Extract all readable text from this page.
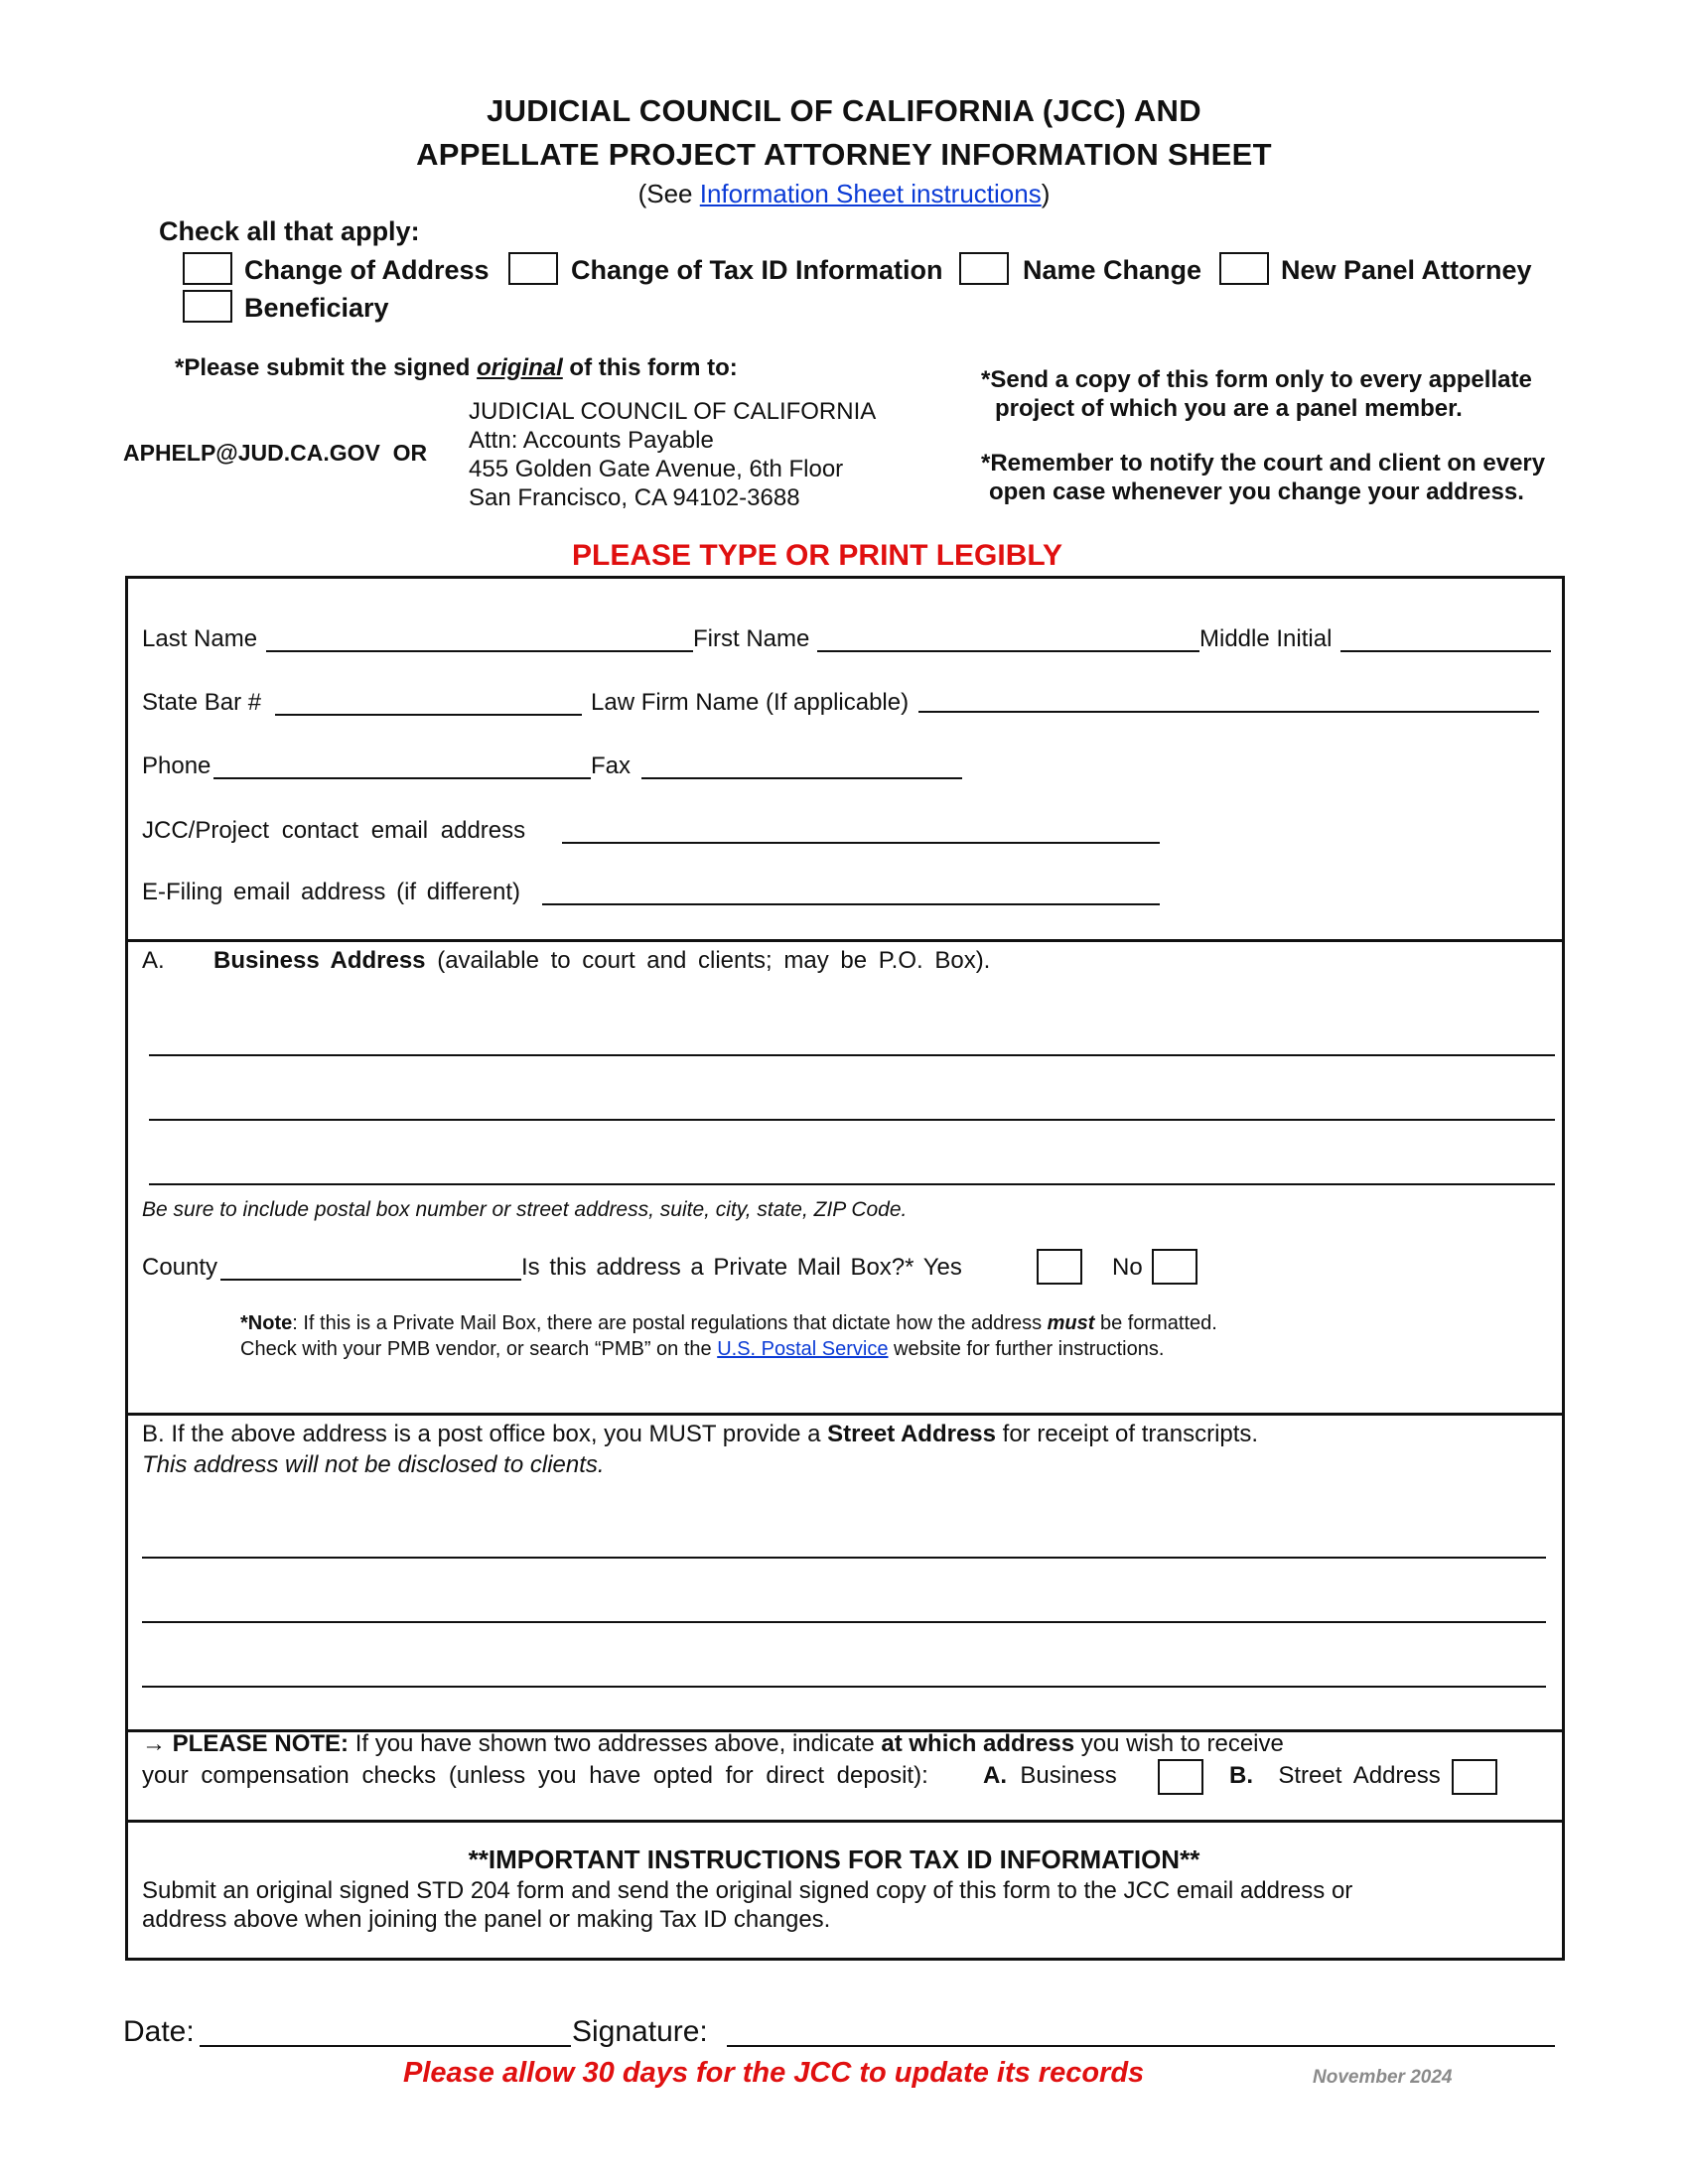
JUDICIAL COUNCIL OF CALIFORNIA (JCC) AND
APPELLATE PROJECT ATTORNEY INFORMATION SHEET
(See Information Sheet instructions)
Check all that apply:
Change of Address	Change of Tax ID Information	Name Change	New Panel Attorney
Beneficiary
*Please submit the signed original of this form to:
APHELP@JUD.CA.GOV OR
JUDICIAL COUNCIL OF CALIFORNIA
Attn: Accounts Payable
455 Golden Gate Avenue, 6th Floor
San Francisco, CA 94102-3688
*Send a copy of this form only to every appellate
project of which you are a panel member.
*Remember to notify the court and client on every
open case whenever you change your address.
PLEASE TYPE OR PRINT LEGIBLY
Last Name	First Name	Middle Initial
State Bar #	Law Firm Name (If applicable)
Phone	Fax
JCC/Project contact email address
E-Filing email address (if different)
A. Business Address (available to court and clients; may be P.O. Box).
Be sure to include postal box number or street address, suite, city, state, ZIP Code.
County	Is this address a Private Mail Box?* Yes	No
*Note: If this is a Private Mail Box, there are postal regulations that dictate how the address must be formatted.
Check with your PMB vendor, or search “PMB” on the U.S. Postal Service website for further instructions.
B. If the above address is a post office box, you MUST provide a Street Address for receipt of transcripts.
This address will not be disclosed to clients.
→ PLEASE NOTE: If you have shown two addresses above, indicate at which address you wish to receive
your compensation checks (unless you have opted for direct deposit): A. Business	B. Street Address
**IMPORTANT INSTRUCTIONS FOR TAX ID INFORMATION**
Submit an original signed STD 204 form and send the original signed copy of this form to the JCC email address or
address above when joining the panel or making Tax ID changes.
Date:	Signature:
Please allow 30 days for the JCC to update its records	November 2024
